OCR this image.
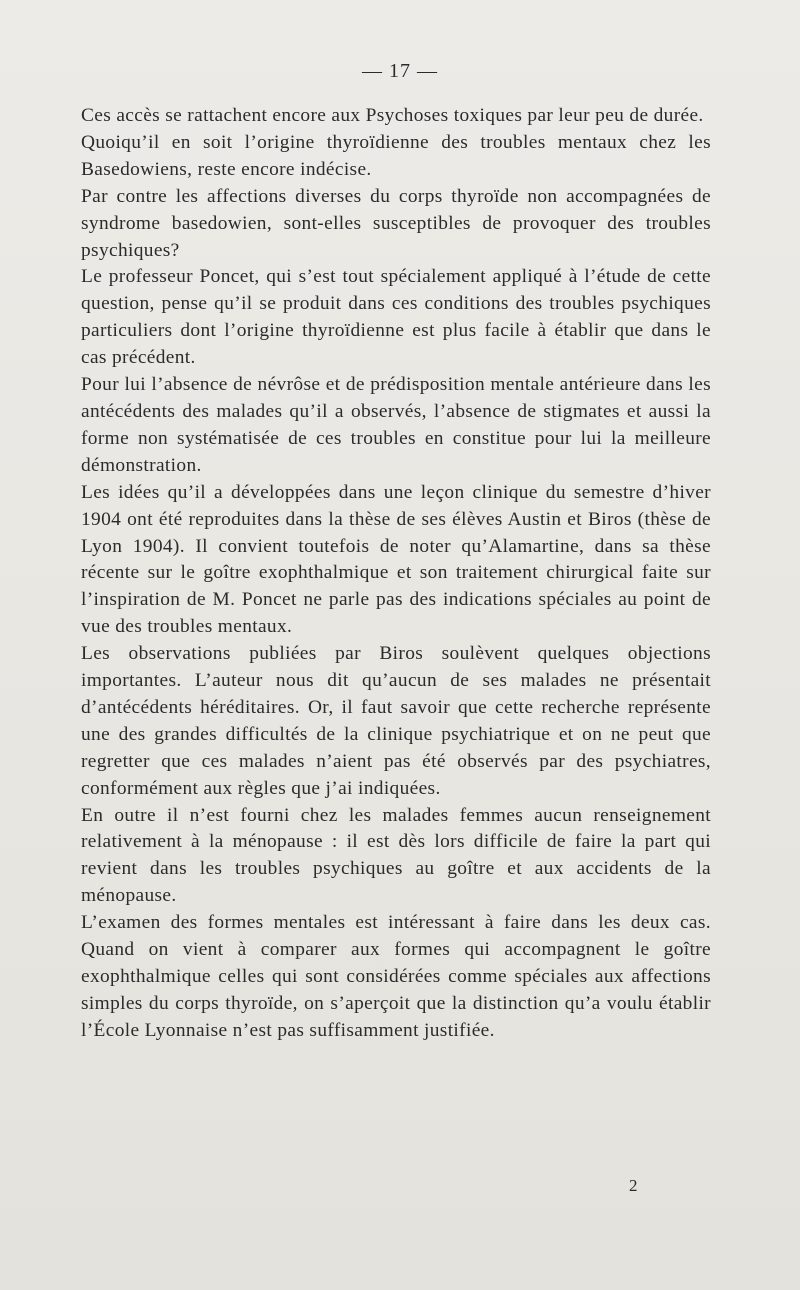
— 17 —

Ces accès se rattachent encore aux Psychoses toxiques par leur peu de durée.

Quoiqu’il en soit l’origine thyroïdienne des troubles mentaux chez les Basedowiens, reste encore indécise.

Par contre les affections diverses du corps thyroïde non accompagnées de syndrome basedowien, sont-elles susceptibles de provoquer des troubles psychiques?

Le professeur Poncet, qui s’est tout spécialement appliqué à l’étude de cette question, pense qu’il se produit dans ces conditions des troubles psychiques particuliers dont l’origine thyroïdienne est plus facile à établir que dans le cas précédent.

Pour lui l’absence de névrôse et de prédisposition mentale antérieure dans les antécédents des malades qu’il a observés, l’absence de stigmates et aussi la forme non systématisée de ces troubles en constitue pour lui la meilleure démonstration.

Les idées qu’il a développées dans une leçon clinique du semestre d’hiver 1904 ont été reproduites dans la thèse de ses élèves Austin et Biros (thèse de Lyon 1904). Il convient toutefois de noter qu’Alamartine, dans sa thèse récente sur le goître exophthalmique et son traitement chirurgical faite sur l’inspiration de M. Poncet ne parle pas des indications spéciales au point de vue des troubles mentaux.

Les observations publiées par Biros soulèvent quelques objections importantes. L’auteur nous dit qu’aucun de ses malades ne présentait d’antécédents héréditaires. Or, il faut savoir que cette recherche représente une des grandes difficultés de la clinique psychiatrique et on ne peut que regretter que ces malades n’aient pas été observés par des psychiatres, conformément aux règles que j’ai indiquées.

En outre il n’est fourni chez les malades femmes aucun renseignement relativement à la ménopause : il est dès lors difficile de faire la part qui revient dans les troubles psychiques au goître et aux accidents de la ménopause.

L’examen des formes mentales est intéressant à faire dans les deux cas. Quand on vient à comparer aux formes qui accompagnent le goître exophthalmique celles qui sont considérées comme spéciales aux affections simples du corps thyroïde, on s’aperçoit que la distinction qu’a voulu établir l’École Lyonnaise n’est pas suffisamment justifiée.

2
